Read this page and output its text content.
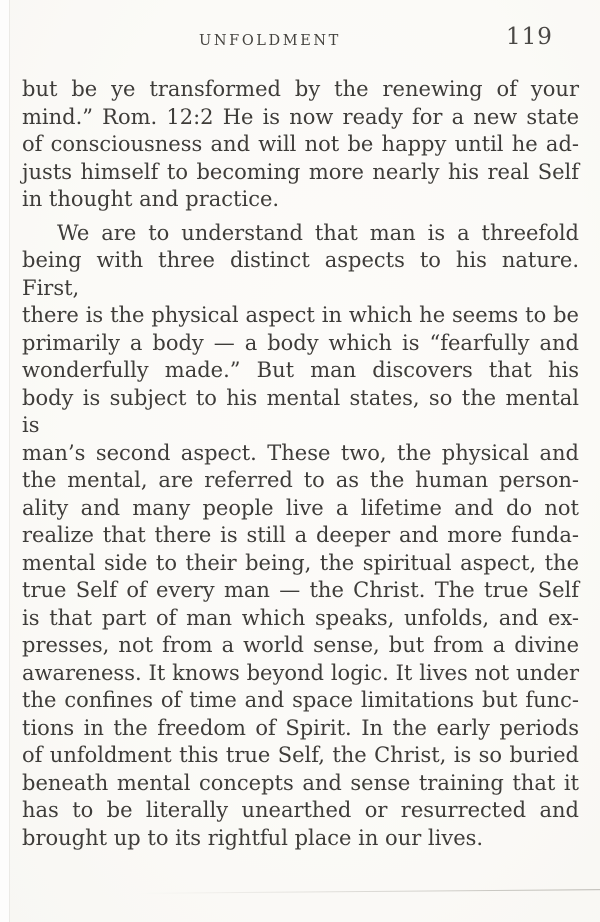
UNFOLDMENT	119
but be ye transformed by the renewing of your
mind.” Rom. 12:2 He is now ready for a new state
of consciousness and will not be happy until he ad-
justs himself to becoming more nearly his real Self
in thought and practice.
We are to understand that man is a threefold
being with three distinct aspects to his nature. First,
there is the physical aspect in which he seems to be
primarily a body — a body which is “fearfully and
wonderfully made.” But man discovers that his
body is subject to his mental states, so the mental is
man’s second aspect. These two, the physical and
the mental, are referred to as the human person-
ality and many people live a lifetime and do not
realize that there is still a deeper and more funda-
mental side to their being, the spiritual aspect, the
true Self of every man — the Christ. The true Self
is that part of man which speaks, unfolds, and ex-
presses, not from a world sense, but from a divine
awareness. It knows beyond logic. It lives not under
the confines of time and space limitations but func-
tions in the freedom of Spirit. In the early periods
of unfoldment this true Self, the Christ, is so buried
beneath mental concepts and sense training that it
has to be literally unearthed or resurrected and
brought up to its rightful place in our lives.
